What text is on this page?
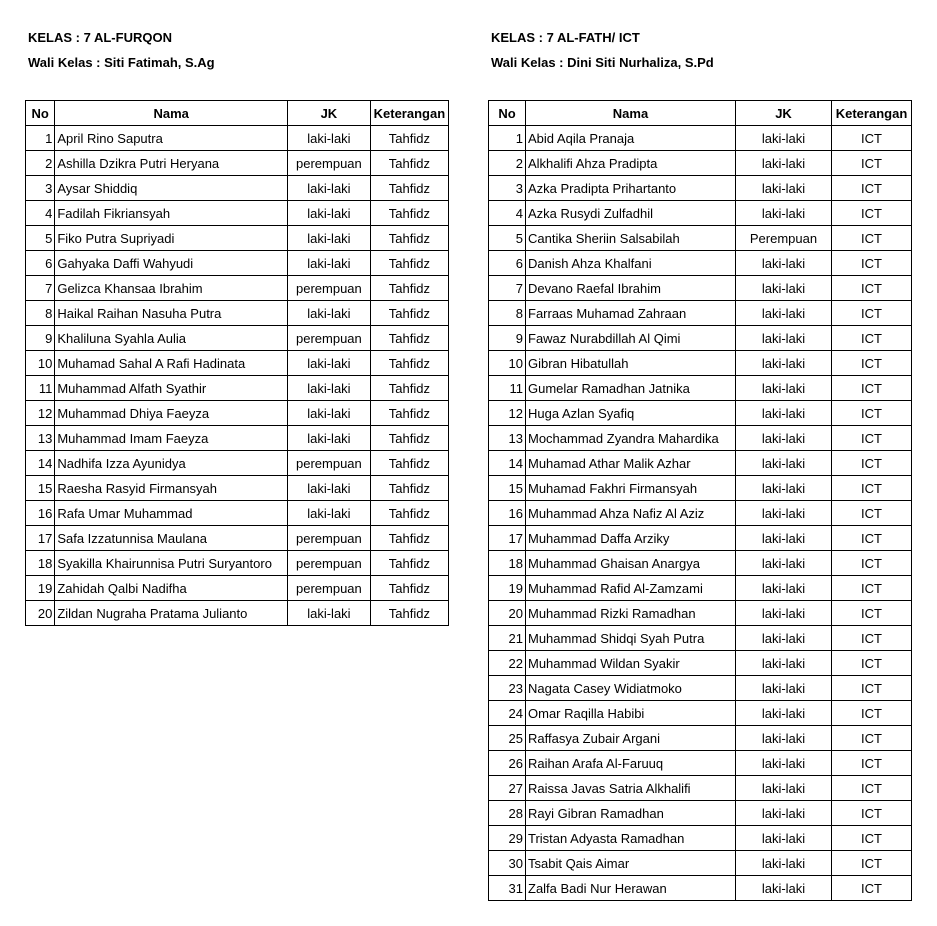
KELAS : 7 AL-FURQON
Wali Kelas : Siti Fatimah, S.Ag
No	Nama	JK	Keterangan
1	April Rino Saputra	laki-laki	Tahfidz
2	Ashilla Dzikra Putri Heryana	perempuan	Tahfidz
3	Aysar Shiddiq	laki-laki	Tahfidz
4	Fadilah Fikriansyah	laki-laki	Tahfidz
5	Fiko Putra Supriyadi	laki-laki	Tahfidz
6	Gahyaka Daffi Wahyudi	laki-laki	Tahfidz
7	Gelizca Khansaa Ibrahim	perempuan	Tahfidz
8	Haikal Raihan Nasuha Putra	laki-laki	Tahfidz
9	Khaliluna Syahla Aulia	perempuan	Tahfidz
10	Muhamad Sahal A Rafi Hadinata	laki-laki	Tahfidz
11	Muhammad Alfath Syathir	laki-laki	Tahfidz
12	Muhammad Dhiya Faeyza	laki-laki	Tahfidz
13	Muhammad Imam Faeyza	laki-laki	Tahfidz
14	Nadhifa Izza Ayunidya	perempuan	Tahfidz
15	Raesha Rasyid Firmansyah	laki-laki	Tahfidz
16	Rafa Umar Muhammad	laki-laki	Tahfidz
17	Safa Izzatunnisa Maulana	perempuan	Tahfidz
18	Syakilla Khairunnisa Putri Suryantoro	perempuan	Tahfidz
19	Zahidah Qalbi Nadifha	perempuan	Tahfidz
20	Zildan Nugraha Pratama Julianto	laki-laki	Tahfidz
KELAS : 7 AL-FATH/ ICT
Wali Kelas : Dini Siti Nurhaliza, S.Pd
No	Nama	JK	Keterangan
1	Abid Aqila Pranaja	laki-laki	ICT
2	Alkhalifi Ahza Pradipta	laki-laki	ICT
3	Azka Pradipta Prihartanto	laki-laki	ICT
4	Azka Rusydi Zulfadhil	laki-laki	ICT
5	Cantika Sheriin Salsabilah	Perempuan	ICT
6	Danish Ahza Khalfani	laki-laki	ICT
7	Devano Raefal Ibrahim	laki-laki	ICT
8	Farraas Muhamad Zahraan	laki-laki	ICT
9	Fawaz Nurabdillah Al Qimi	laki-laki	ICT
10	Gibran Hibatullah	laki-laki	ICT
11	Gumelar Ramadhan Jatnika	laki-laki	ICT
12	Huga Azlan Syafiq	laki-laki	ICT
13	Mochammad Zyandra Mahardika	laki-laki	ICT
14	Muhamad Athar Malik Azhar	laki-laki	ICT
15	Muhamad Fakhri Firmansyah	laki-laki	ICT
16	Muhammad Ahza Nafiz Al Aziz	laki-laki	ICT
17	Muhammad Daffa Arziky	laki-laki	ICT
18	Muhammad Ghaisan Anargya	laki-laki	ICT
19	Muhammad Rafid Al-Zamzami	laki-laki	ICT
20	Muhammad Rizki Ramadhan	laki-laki	ICT
21	Muhammad Shidqi Syah Putra	laki-laki	ICT
22	Muhammad Wildan Syakir	laki-laki	ICT
23	Nagata Casey Widiatmoko	laki-laki	ICT
24	Omar Raqilla Habibi	laki-laki	ICT
25	Raffasya Zubair Argani	laki-laki	ICT
26	Raihan Arafa Al-Faruuq	laki-laki	ICT
27	Raissa Javas Satria Alkhalifi	laki-laki	ICT
28	Rayi Gibran Ramadhan	laki-laki	ICT
29	Tristan Adyasta Ramadhan	laki-laki	ICT
30	Tsabit Qais Aimar	laki-laki	ICT
31	Zalfa Badi Nur Herawan	laki-laki	ICT
